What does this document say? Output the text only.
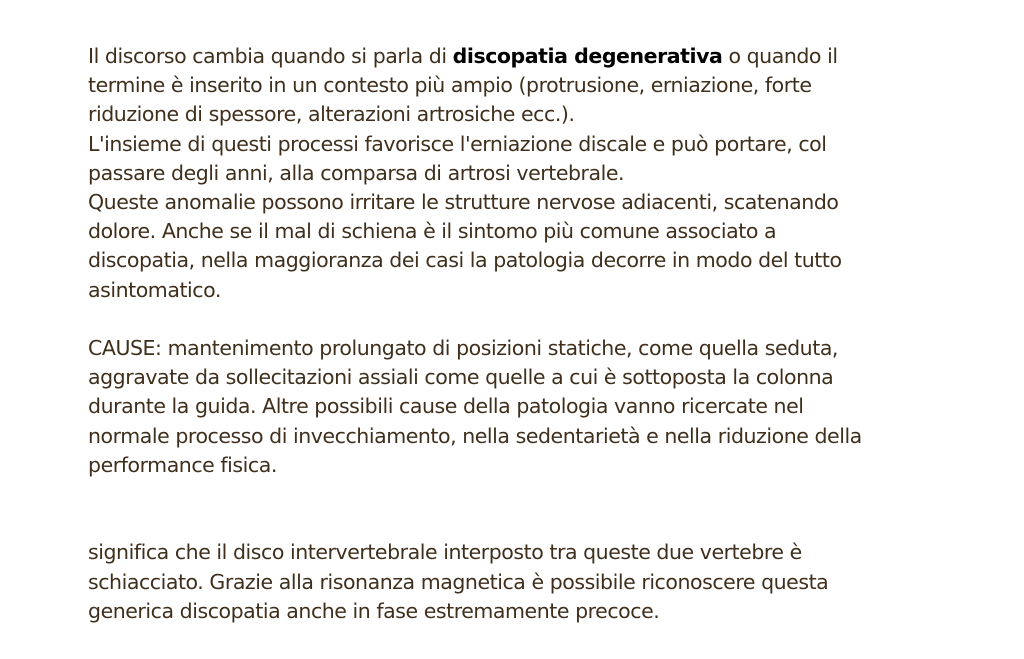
Il discorso cambia quando si parla di discopatia degenerativa o quando il
termine è inserito in un contesto più ampio (protrusione, erniazione, forte
riduzione di spessore, alterazioni artrosiche ecc.).
L'insieme di questi processi favorisce l'erniazione discale e può portare, col
passare degli anni, alla comparsa di artrosi vertebrale.
Queste anomalie possono irritare le strutture nervose adiacenti, scatenando
dolore. Anche se il mal di schiena è il sintomo più comune associato a
discopatia, nella maggioranza dei casi la patologia decorre in modo del tutto
asintomatico.
CAUSE: mantenimento prolungato di posizioni statiche, come quella seduta,
aggravate da sollecitazioni assiali come quelle a cui è sottoposta la colonna
durante la guida. Altre possibili cause della patologia vanno ricercate nel
normale processo di invecchiamento, nella sedentarietà e nella riduzione della
performance fisica.
significa che il disco intervertebrale interposto tra queste due vertebre è
schiacciato. Grazie alla risonanza magnetica è possibile riconoscere questa
generica discopatia anche in fase estremamente precoce.
